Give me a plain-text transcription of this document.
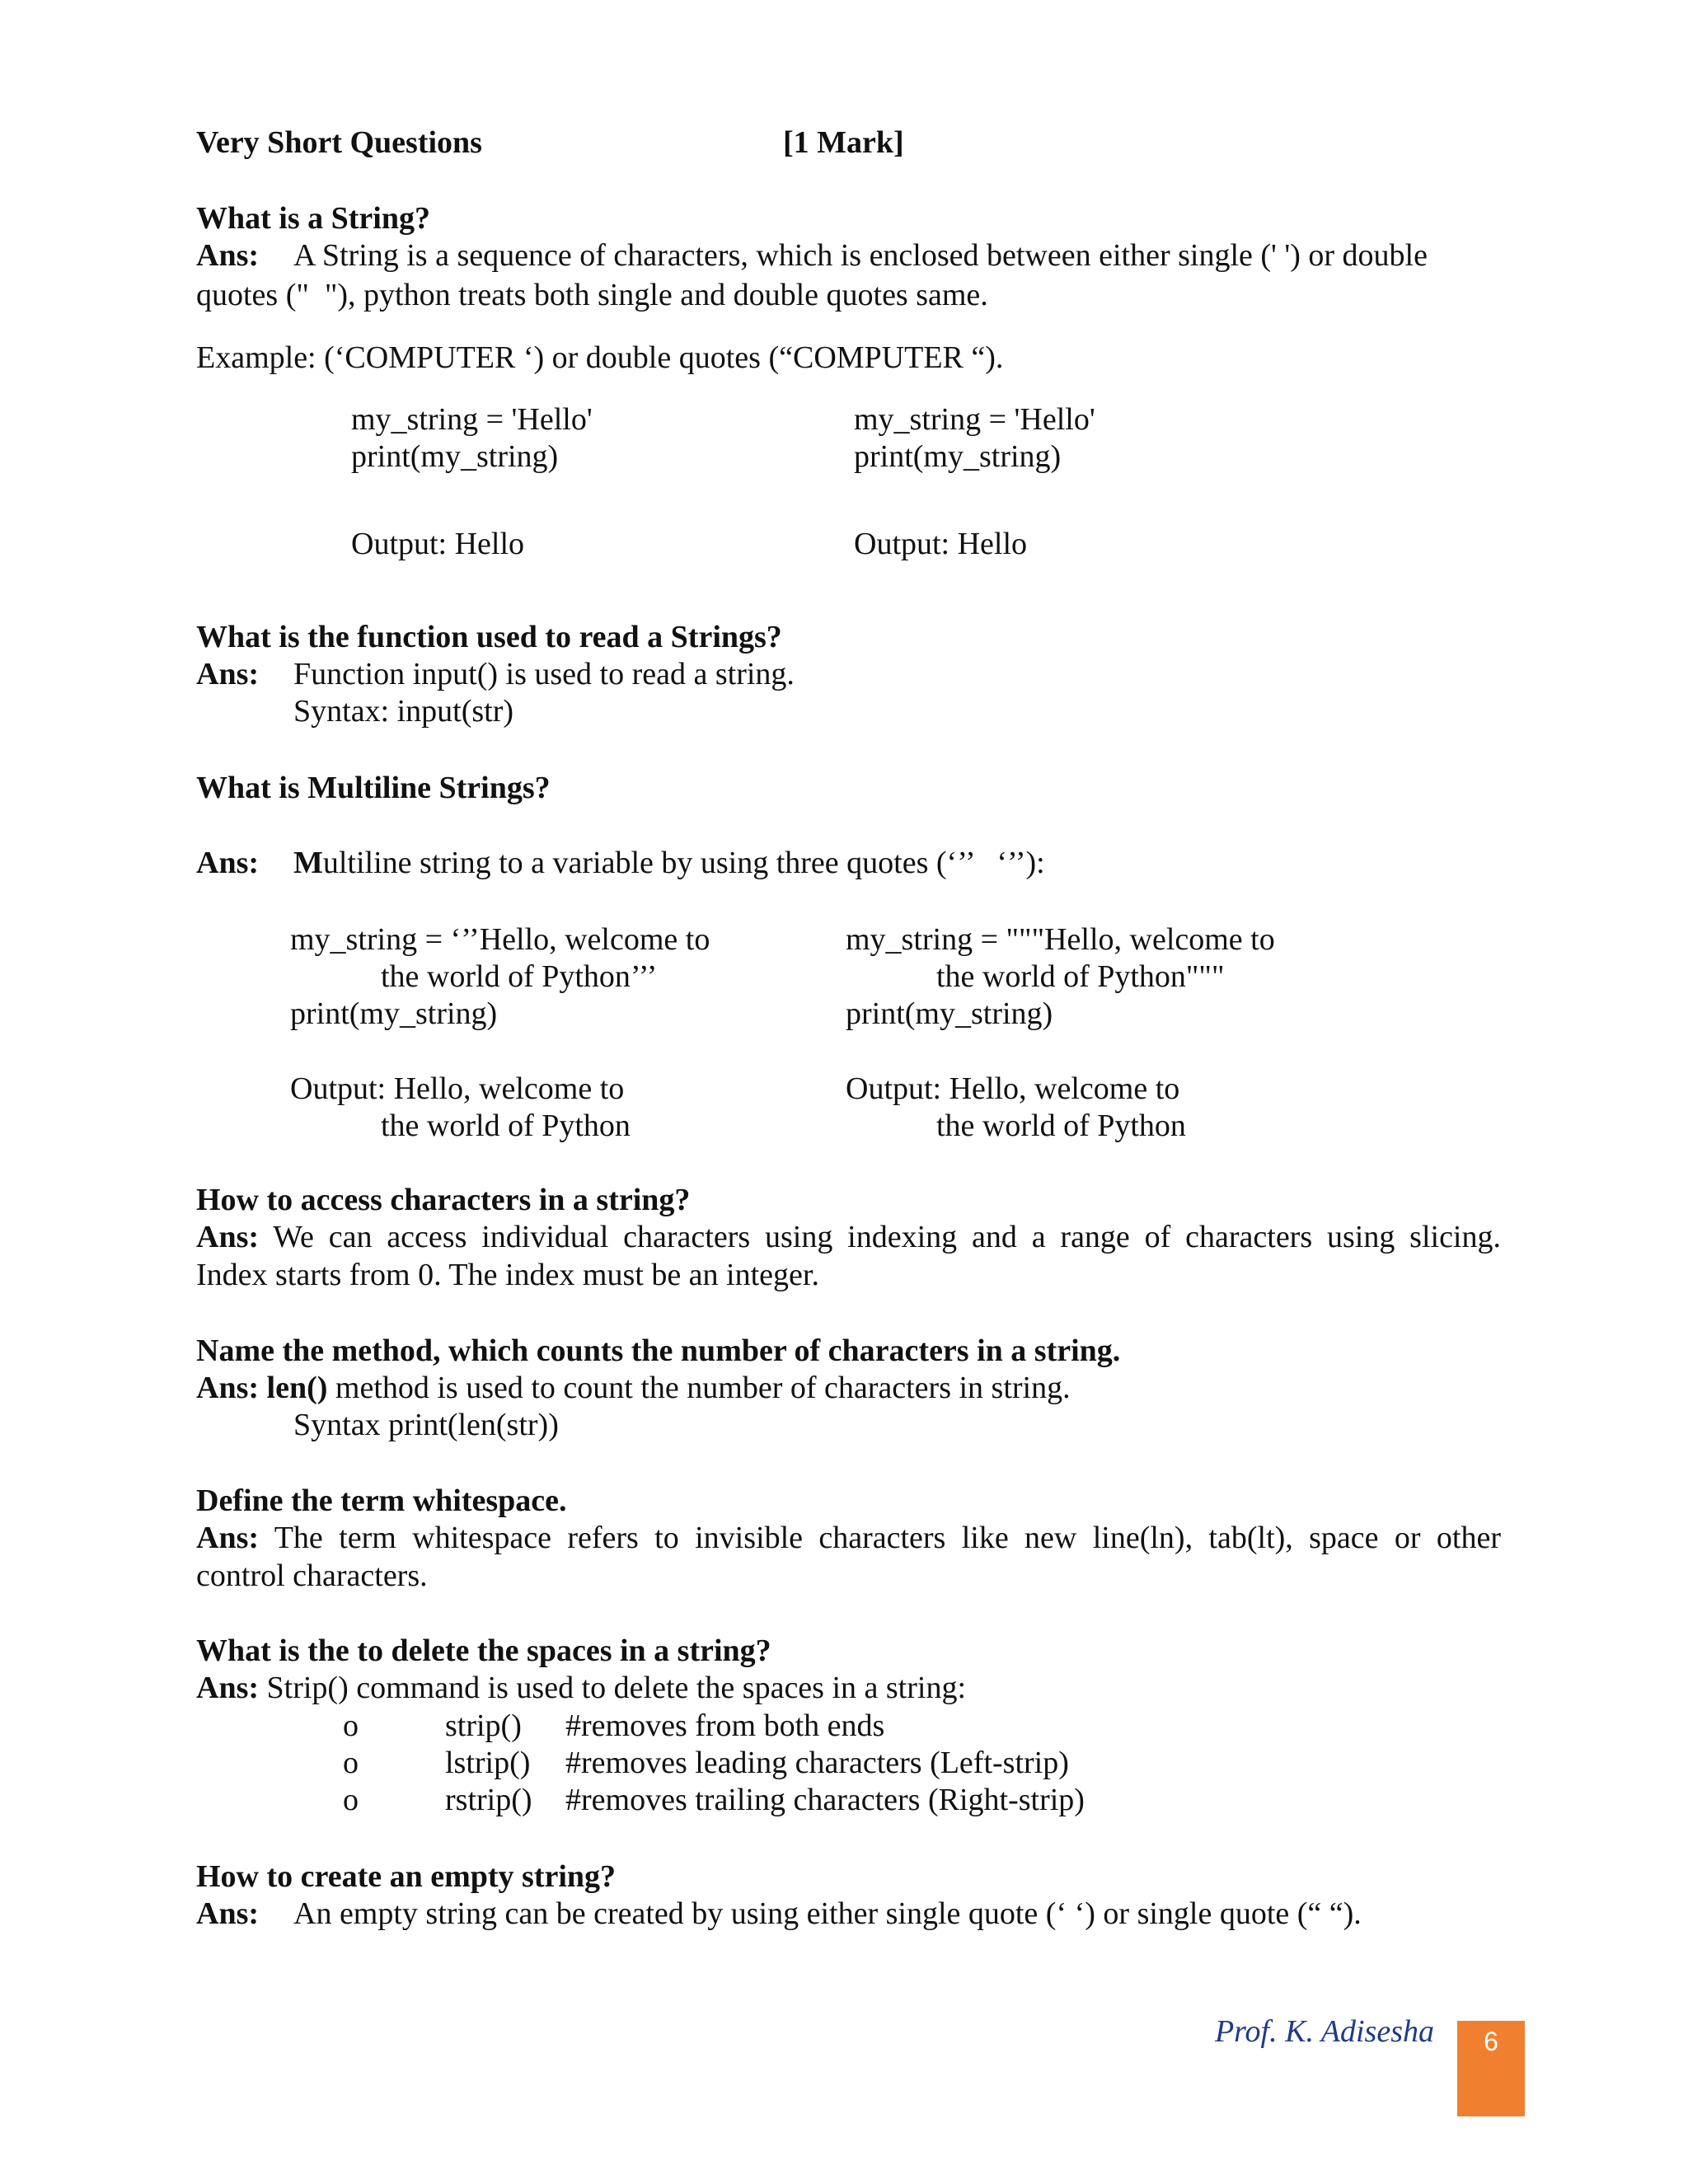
Very Short Questions	[1 Mark]

What is a String?

Ans: A String is a sequence of characters, which is enclosed between either single (' ') or double

quotes ("  "), python treats both single and double quotes same.

Example: (‘COMPUTER ‘) or double quotes (“COMPUTER “).

my_string = 'Hello'

print(my_string)

my_string = 'Hello'

print(my_string)

Output: Hello	Output: Hello

What is the function used to read a Strings?

Ans: Function input() is used to read a string.

Syntax: input(str)

What is Multiline Strings?

Ans: Multiline string to a variable by using three quotes (‘’’   ‘’’):

my_string = ‘’’Hello, welcome to

the world of Python’’’

print(my_string)

my_string = """Hello, welcome to

the world of Python"""

print(my_string)

Output: Hello, welcome to

the world of Python

Output: Hello, welcome to

the world of Python

How to access characters in a string?

Ans: We can access individual characters using indexing and a range of characters using slicing.

Index starts from 0. The index must be an integer.

Name the method, which counts the number of characters in a string.

Ans: len() method is used to count the number of characters in string.

Syntax print(len(str))

Define the term whitespace.

Ans: The term whitespace refers to invisible characters like new line(ln), tab(lt), space or other

control characters.

What is the to delete the spaces in a string?

Ans: Strip() command is used to delete the spaces in a string:

o	strip() #removes from both ends

o	lstrip() #removes leading characters (Left-strip)

o	rstrip() #removes trailing characters (Right-strip)

How to create an empty string?

Ans: An empty string can be created by using either single quote (‘ ‘) or single quote (“ “).

Prof. K. Adisesha	6
